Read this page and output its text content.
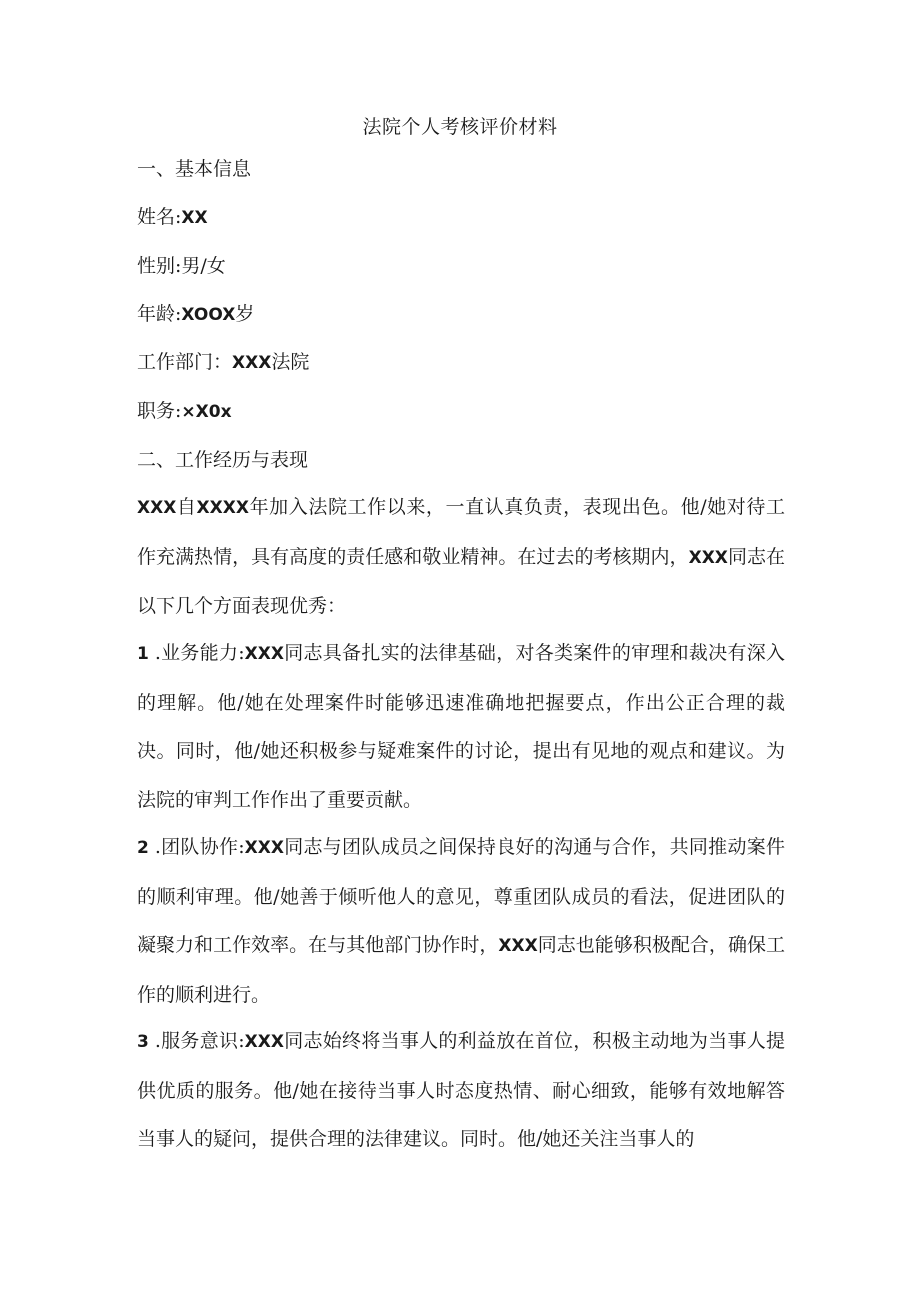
法院个人考核评价材料
一、基本信息
姓名:XX
性别:男/女
年龄:XOOX岁
工作部门：XXX法院
职务:×X0x
二、工作经历与表现
XXX自XXXX年加入法院工作以来，一直认真负责，表现出色。他/她对待工作充满热情，具有高度的责任感和敬业精神。在过去的考核期内，XXX同志在以下几个方面表现优秀：
1 .业务能力:XXX同志具备扎实的法律基础，对各类案件的审理和裁决有深入的理解。他/她在处理案件时能够迅速准确地把握要点，作出公正合理的裁决。同时，他/她还积极参与疑难案件的讨论，提出有见地的观点和建议。为法院的审判工作作出了重要贡献。
2 .团队协作:XXX同志与团队成员之间保持良好的沟通与合作，共同推动案件的顺利审理。他/她善于倾听他人的意见，尊重团队成员的看法，促进团队的凝聚力和工作效率。在与其他部门协作时，XXX同志也能够积极配合，确保工作的顺利进行。
3 .服务意识:XXX同志始终将当事人的利益放在首位，积极主动地为当事人提供优质的服务。他/她在接待当事人时态度热情、耐心细致，能够有效地解答当事人的疑问，提供合理的法律建议。同时。他/她还关注当事人的
